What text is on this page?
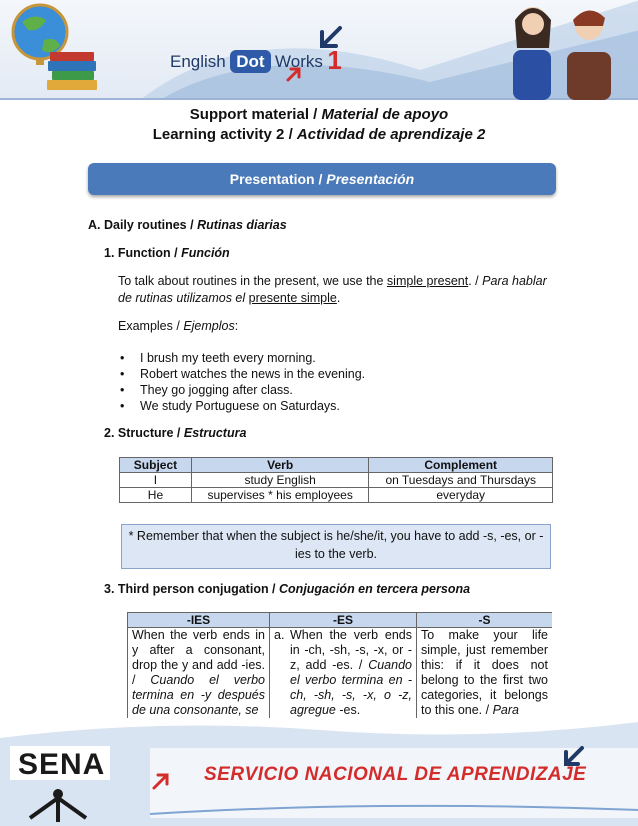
English Dot Works 1
Support material / Material de apoyo
Learning activity 2 / Actividad de aprendizaje 2
Presentation / Presentación
A. Daily routines / Rutinas diarias
1. Function / Función
To talk about routines in the present, we use the simple present. / Para hablar de rutinas utilizamos el presente simple.
Examples / Ejemplos:
• I brush my teeth every morning.
• Robert watches the news in the evening.
• They go jogging after class.
• We study Portuguese on Saturdays.
2. Structure / Estructura
Subject	Verb	Complement
I	study English	on Tuesdays and Thursdays
He	supervises * his employees	everyday
* Remember that when the subject is he/she/it, you have to add -s, -es, or -ies to the verb.
3. Third person conjugation / Conjugación en tercera persona
-IES	-ES	-S
When the verb ends in y after a consonant, drop the y and add -ies. / Cuando el verbo termina en -y después de una consonante, se	a. When the verb ends in -ch, -sh, -s, -x, or -z, add -es. / Cuando el verbo termina en -ch, -sh, -s, -x, o -z, agregue -es.	To make your life simple, just remember this: if it does not belong to the first two categories, it belongs to this one. / Para
SENA	SERVICIO NACIONAL DE APRENDIZAJE
